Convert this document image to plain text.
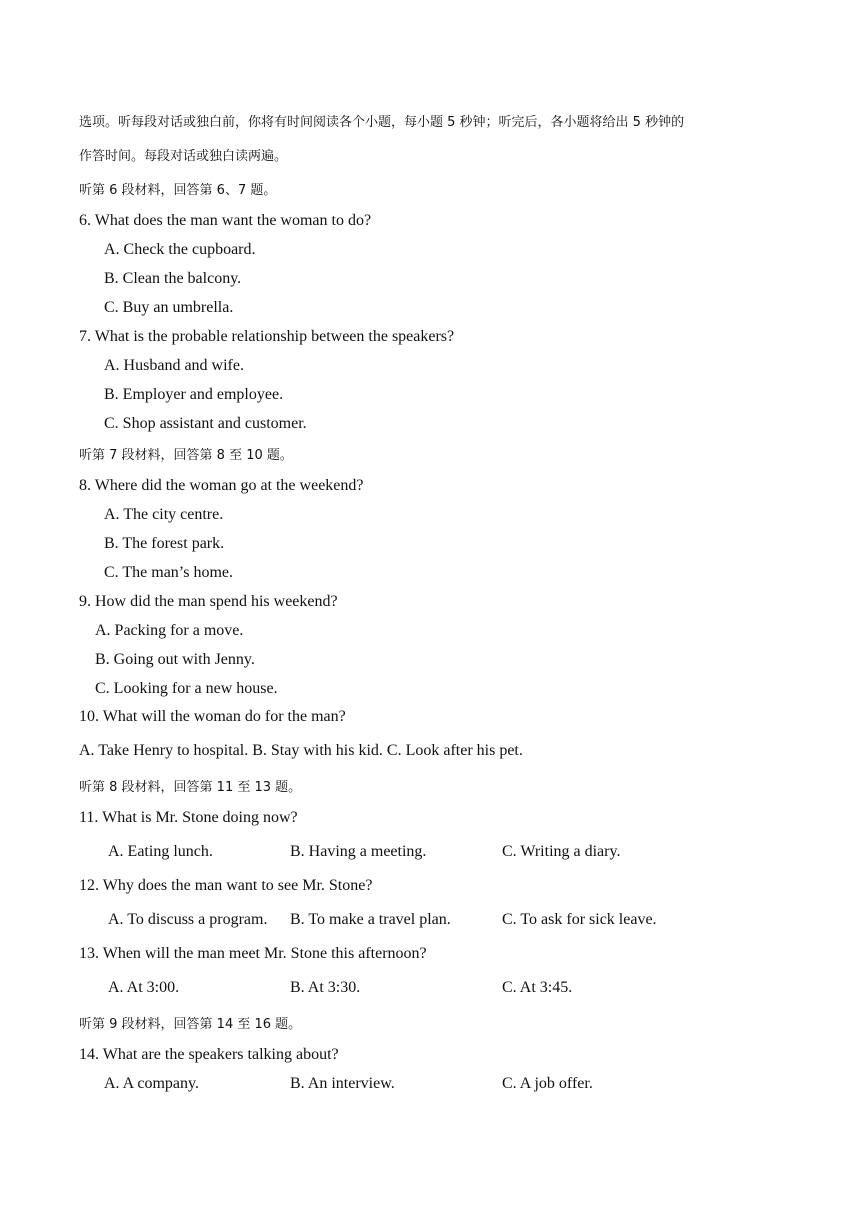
选项。听每段对话或独白前，你将有时间阅读各个小题，每小题 5 秒钟；听完后，各小题将给出 5 秒钟的
作答时间。每段对话或独白读两遍。
听第 6 段材料，回答第 6、7 题。
6. What does the man want the woman to do?
A. Check the cupboard.
B. Clean the balcony.
C. Buy an umbrella.
7. What is the probable relationship between the speakers?
A. Husband and wife.
B. Employer and employee.
C. Shop assistant and customer.
听第 7 段材料，回答第 8 至 10 题。
8. Where did the woman go at the weekend?
A. The city centre.
B. The forest park.
C. The man’s home.
9. How did the man spend his weekend?
A. Packing for a move.
B. Going out with Jenny.
C. Looking for a new house.
10. What will the woman do for the man?
A. Take Henry to hospital. B. Stay with his kid. C. Look after his pet.
听第 8 段材料，回答第 11 至 13 题。
11. What is Mr. Stone doing now?
A. Eating lunch.	B. Having a meeting.	C. Writing a diary.
12. Why does the man want to see Mr. Stone?
A. To discuss a program. B. To make a travel plan.	C. To ask for sick leave.
13. When will the man meet Mr. Stone this afternoon?
A. At 3:00.	B. At 3:30.	C. At 3:45.
听第 9 段材料，回答第 14 至 16 题。
14. What are the speakers talking about?
A. A company.	B. An interview.	C. A job offer.
